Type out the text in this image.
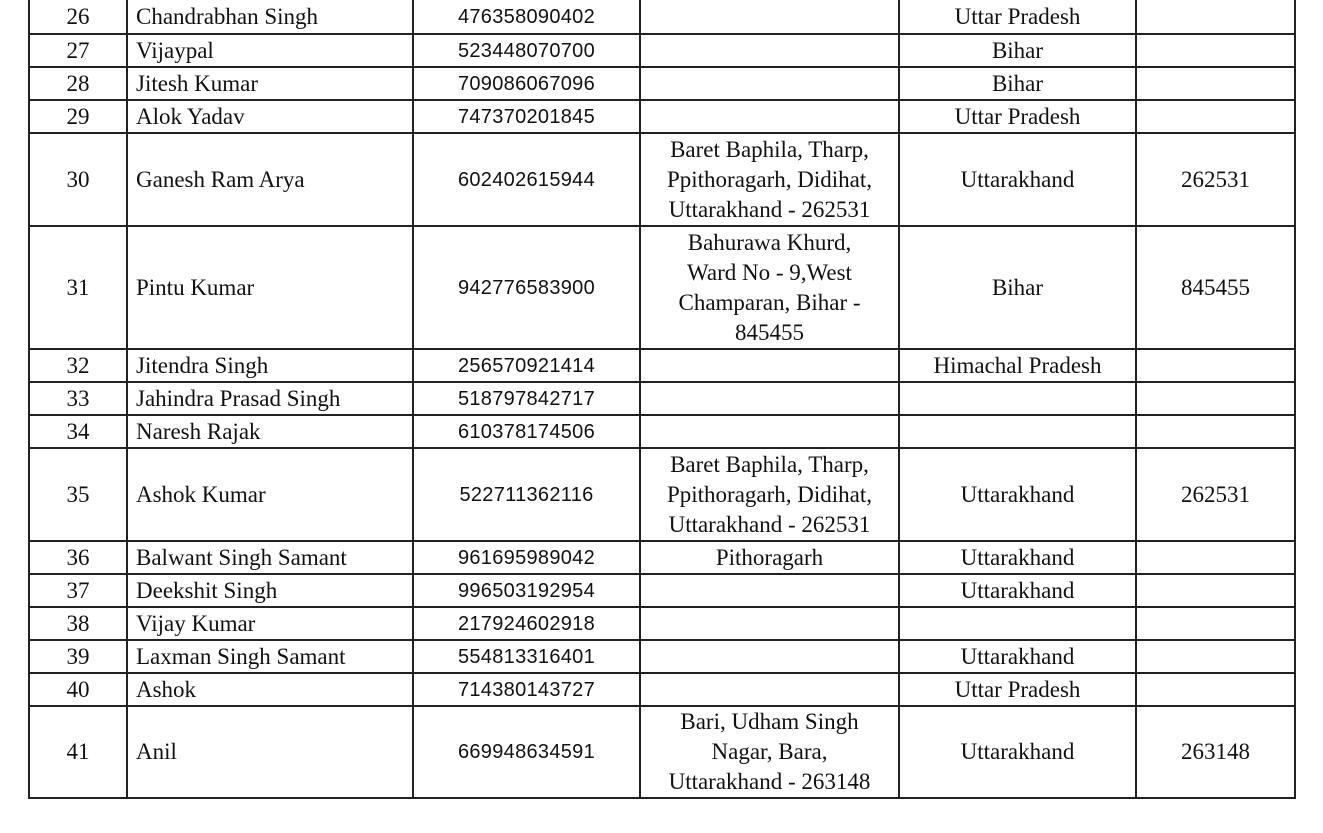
26	Chandrabhan Singh	476358090402		Uttar Pradesh	
27	Vijaypal	523448070700		Bihar	
28	Jitesh Kumar	709086067096		Bihar	
29	Alok Yadav	747370201845		Uttar Pradesh	
30	Ganesh Ram Arya	602402615944	Baret Baphila, Tharp,
Ppithoragarh, Didihat,
Uttarakhand - 262531	Uttarakhand	262531
31	Pintu Kumar	942776583900	Bahurawa Khurd,
Ward No - 9,West
Champaran, Bihar -
845455	Bihar	845455
32	Jitendra Singh	256570921414		Himachal Pradesh	
33	Jahindra Prasad Singh	518797842717			
34	Naresh Rajak	610378174506			
35	Ashok Kumar	522711362116	Baret Baphila, Tharp,
Ppithoragarh, Didihat,
Uttarakhand - 262531	Uttarakhand	262531
36	Balwant Singh Samant	961695989042	Pithoragarh	Uttarakhand	
37	Deekshit Singh	996503192954		Uttarakhand	
38	Vijay Kumar	217924602918			
39	Laxman Singh Samant	554813316401		Uttarakhand	
40	Ashok	714380143727		Uttar Pradesh	
41	Anil	669948634591	Bari, Udham Singh
Nagar, Bara,
Uttarakhand - 263148	Uttarakhand	263148
